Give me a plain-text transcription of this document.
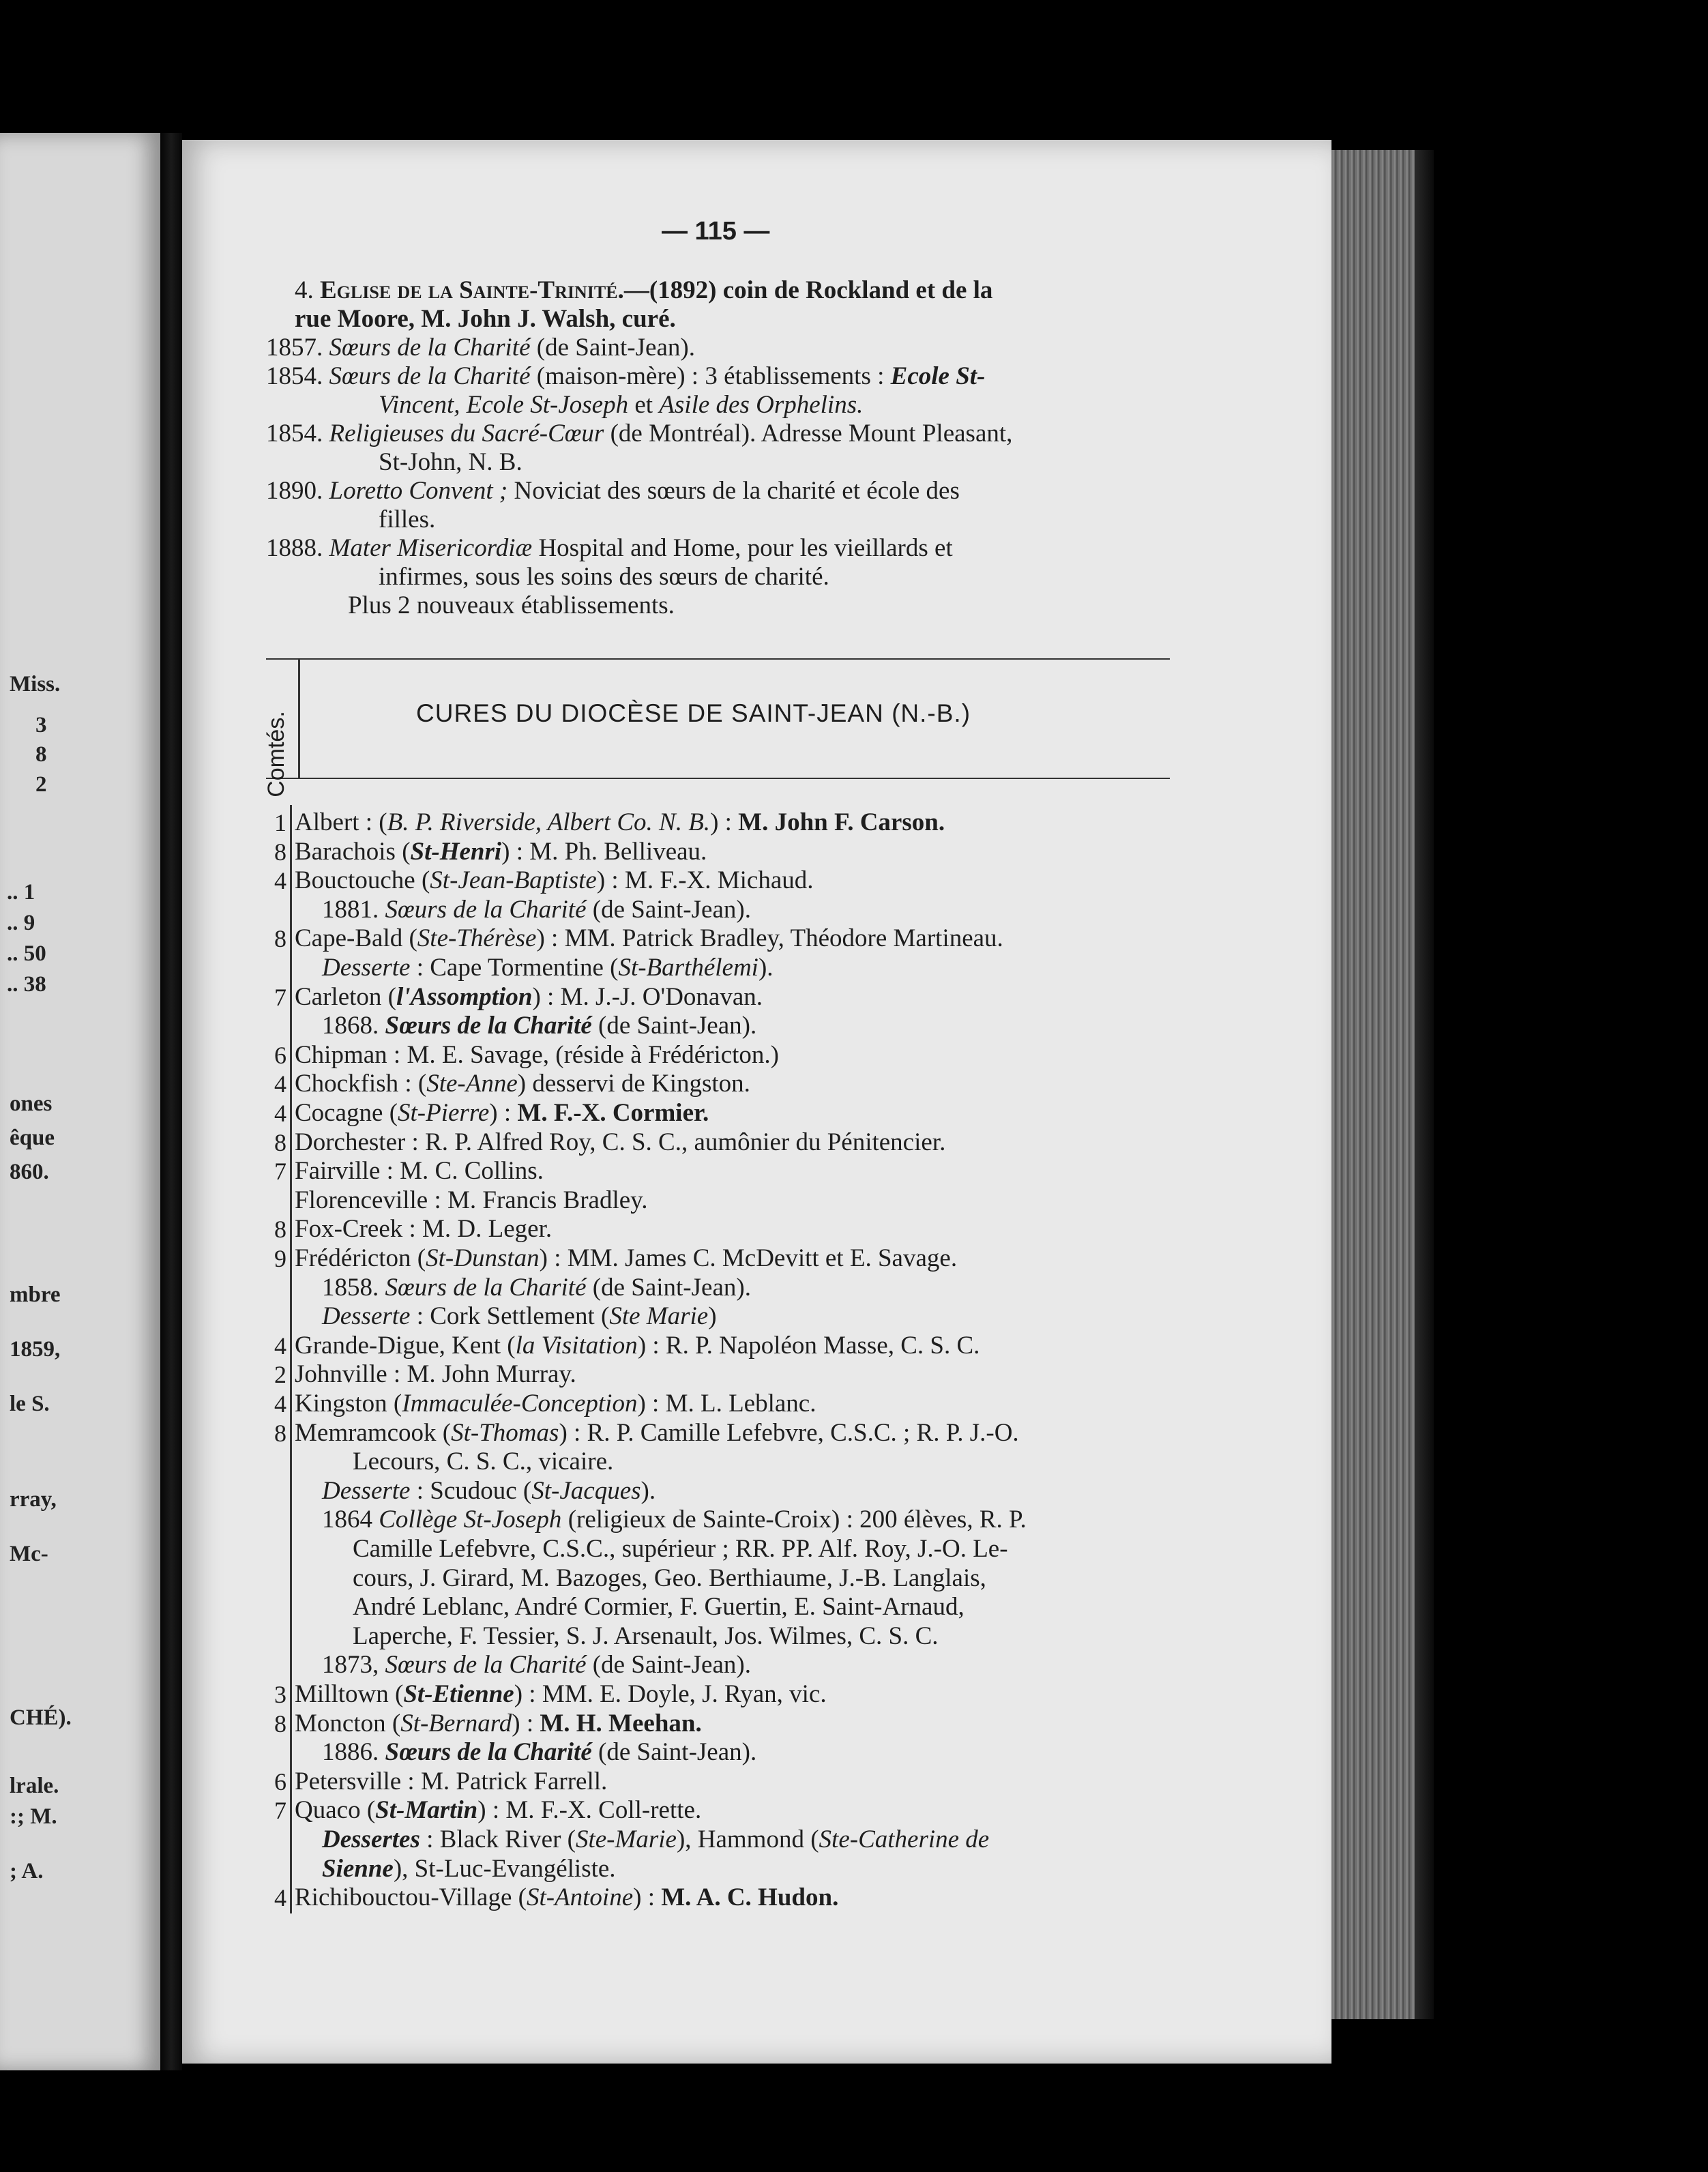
Miss.
3
8
2
.. 1
.. 9
.. 50
.. 38
ones
êque
860.
mbre
1859,
le S.
rray,
Mc-
CHÉ).
lrale.
:; M.
; A.
— 115 —
4. Eglise de la Sainte-Trinité.—(1892) coin de Rockland et de la
rue Moore, M. John J. Walsh, curé.
1857. Sœurs de la Charité (de Saint-Jean).
1854. Sœurs de la Charité (maison-mère) : 3 établissements : Ecole St-
Vincent, Ecole St-Joseph et Asile des Orphelins.
1854. Religieuses du Sacré-Cœur (de Montréal). Adresse Mount Pleasant,
St-John, N. B.
1890. Loretto Convent ; Noviciat des sœurs de la charité et école des
filles.
1888. Mater Misericordiæ Hospital and Home, pour les vieillards et
infirmes, sous les soins des sœurs de charité.
Plus 2 nouveaux établissements.
Comtés.	CURES DU DIOCÈSE DE SAINT-JEAN (N.-B.)
1 Albert : (B. P. Riverside, Albert Co. N. B.) : M. John F. Carson.
8 Barachois (St-Henri) : M. Ph. Belliveau.
4 Bouctouche (St-Jean-Baptiste) : M. F.-X. Michaud.
1881. Sœurs de la Charité (de Saint-Jean).
8 Cape-Bald (Ste-Thérèse) : MM. Patrick Bradley, Théodore Martineau.
Desserte : Cape Tormentine (St-Barthélemi).
7 Carleton (l'Assomption) : M. J.-J. O'Donavan.
1868. Sœurs de la Charité (de Saint-Jean).
6 Chipman : M. E. Savage, (réside à Frédéricton.)
4 Chockfish : (Ste-Anne) desservi de Kingston.
4 Cocagne (St-Pierre) : M. F.-X. Cormier.
8 Dorchester : R. P. Alfred Roy, C. S. C., aumônier du Pénitencier.
7 Fairville : M. C. Collins.
Florenceville : M. Francis Bradley.
8 Fox-Creek : M. D. Leger.
9 Frédéricton (St-Dunstan) : MM. James C. McDevitt et E. Savage.
1858. Sœurs de la Charité (de Saint-Jean).
Desserte : Cork Settlement (Ste Marie)
4 Grande-Digue, Kent (la Visitation) : R. P. Napoléon Masse, C. S. C.
2 Johnville : M. John Murray.
4 Kingston (Immaculée-Conception) : M. L. Leblanc.
8 Memramcook (St-Thomas) : R. P. Camille Lefebvre, C.S.C. ; R. P. J.-O.
Lecours, C. S. C., vicaire.
Desserte : Scudouc (St-Jacques).
1864 Collège St-Joseph (religieux de Sainte-Croix) : 200 élèves, R. P.
Camille Lefebvre, C.S.C., supérieur ; RR. PP. Alf. Roy, J.-O. Le-
cours, J. Girard, M. Bazoges, Geo. Berthiaume, J.-B. Langlais,
André Leblanc, André Cormier, F. Guertin, E. Saint-Arnaud,
Laperche, F. Tessier, S. J. Arsenault, Jos. Wilmes, C. S. C.
1873, Sœurs de la Charité (de Saint-Jean).
3 Milltown (St-Etienne) : MM. E. Doyle, J. Ryan, vic.
8 Moncton (St-Bernard) : M. H. Meehan.
1886. Sœurs de la Charité (de Saint-Jean).
6 Petersville : M. Patrick Farrell.
7 Quaco (St-Martin) : M. F.-X. Coll-rette.
Dessertes : Black River (Ste-Marie), Hammond (Ste-Catherine de
Sienne), St-Luc-Evangéliste.
4 Richibouctou-Village (St-Antoine) : M. A. C. Hudon.
